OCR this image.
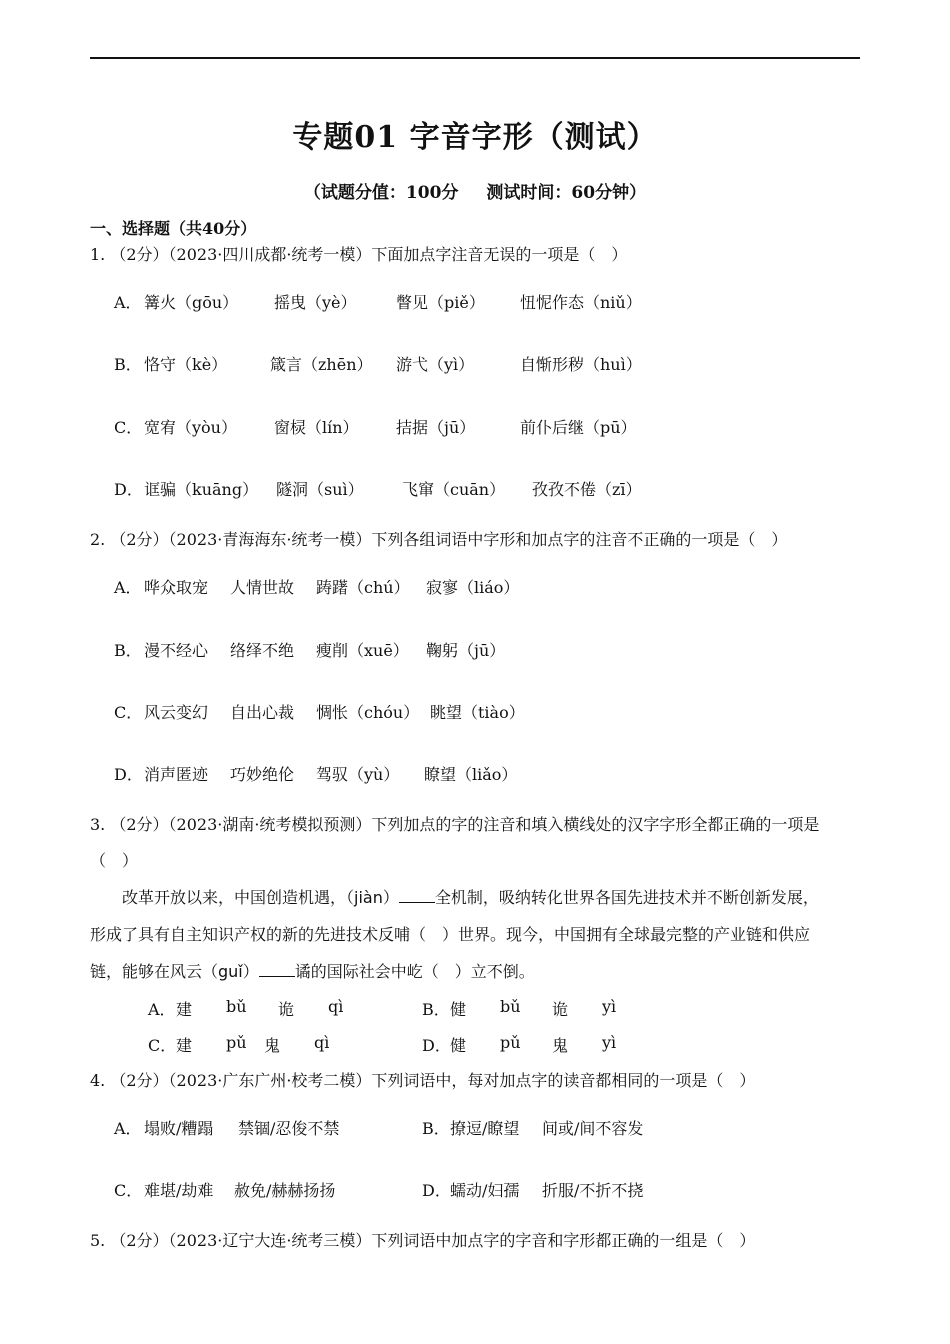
专题01 字音字形（测试）
（试题分值：100分 测试时间：60分钟）
一、选择题（共40分）
1. （2分）（2023·四川成都·统考一模）下面加点字注音无误的一项是（　）
A． 篝火（gōu） 摇曳（yè） 瞥见（piě） 忸怩作态（niǔ）
B． 恪守（kè）	箴言（zhēn） 游弋（yì）	自惭形秽（huì）
C． 宽宥（yòu） 窗棂（lín） 拮据（jū）	前仆后继（pū）
D． 诓骗（kuāng） 隧洞（suì） 飞窜（cuān） 孜孜不倦（zī）
2. （2分）（2023·青海海东·统考一模）下列各组词语中字形和加点字的注音不正确的一项是（　）
A． 哗众取宠 人情世故 踌躇（chú） 寂寥（liáo）
B． 漫不经心 络绎不绝 瘦削（xuē） 鞠躬（jū）
C． 风云变幻 自出心裁 惆怅（chóu） 眺望（tiào）
D． 消声匿迹 巧妙绝伦 驾驭（yù） 瞭望（liǎo）
3. （2分）（2023·湖南·统考模拟预测）下列加点的字的注音和填入横线处的汉字字形全都正确的一项是
（　）
改革开放以来，中国创造机遇，（jiàn） 全机制，吸纳转化世界各国先进技术并不断创新发展，
形成了具有自主知识产权的新的先进技术反哺（　）世界。现今，中国拥有全球最完整的产业链和供应
链，能够在风云（guǐ） 谲的国际社会中屹（　）立不倒。
A． 建 bǔ 诡 qì	B． 健 bǔ 诡 yì
C． 建 pǔ 鬼 qì	D． 健 pǔ 鬼 yì
4. （2分）（2023·广东广州·校考二模）下列词语中，每对加点字的读音都相同的一项是（　）
A． 塌败/糟蹋 禁锢/忍俊不禁	B． 撩逗/瞭望 间或/间不容发
C． 难堪/劫难 赦免/赫赫扬扬	D． 蠕动/妇孺 折服/不折不挠
5. （2分）（2023·辽宁大连·统考三模）下列词语中加点字的字音和字形都正确的一组是（　）
